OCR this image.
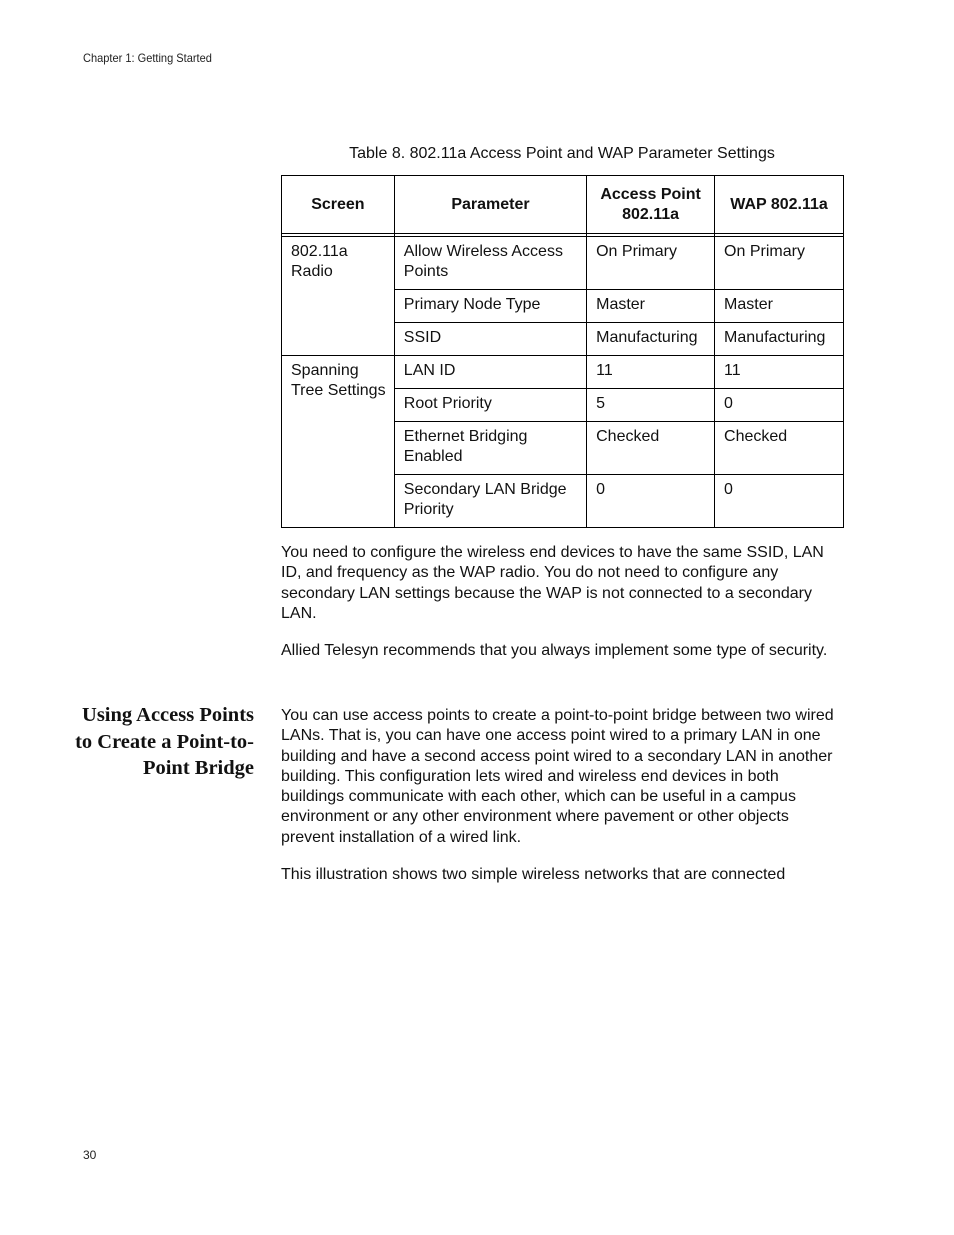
Chapter 1: Getting Started
Table 8. 802.11a Access Point and WAP Parameter Settings
Screen	Parameter	Access Point 802.11a	WAP 802.11a

802.11a Radio	Allow Wireless Access Points	On Primary	On Primary

	Primary Node Type	Master	Master

	SSID	Manufacturing	Manufacturing

Spanning Tree Settings	LAN ID	11	11

	Root Priority	5	0

	Ethernet Bridging Enabled	Checked	Checked

	Secondary LAN Bridge Priority	0	0

You need to configure the wireless end devices to have the same SSID, LAN ID, and frequency as the WAP radio. You do not need to configure any secondary LAN settings because the WAP is not connected to a secondary LAN.

Allied Telesyn recommends that you always implement some type of security.

Using Access Points to Create a Point-to-Point Bridge

You can use access points to create a point-to-point bridge between two wired LANs. That is, you can have one access point wired to a primary LAN in one building and have a second access point wired to a secondary LAN in another building. This configuration lets wired and wireless end devices in both buildings communicate with each other, which can be useful in a campus environment or any other environment where pavement or other objects prevent installation of a wired link.

This illustration shows two simple wireless networks that are connected

30
